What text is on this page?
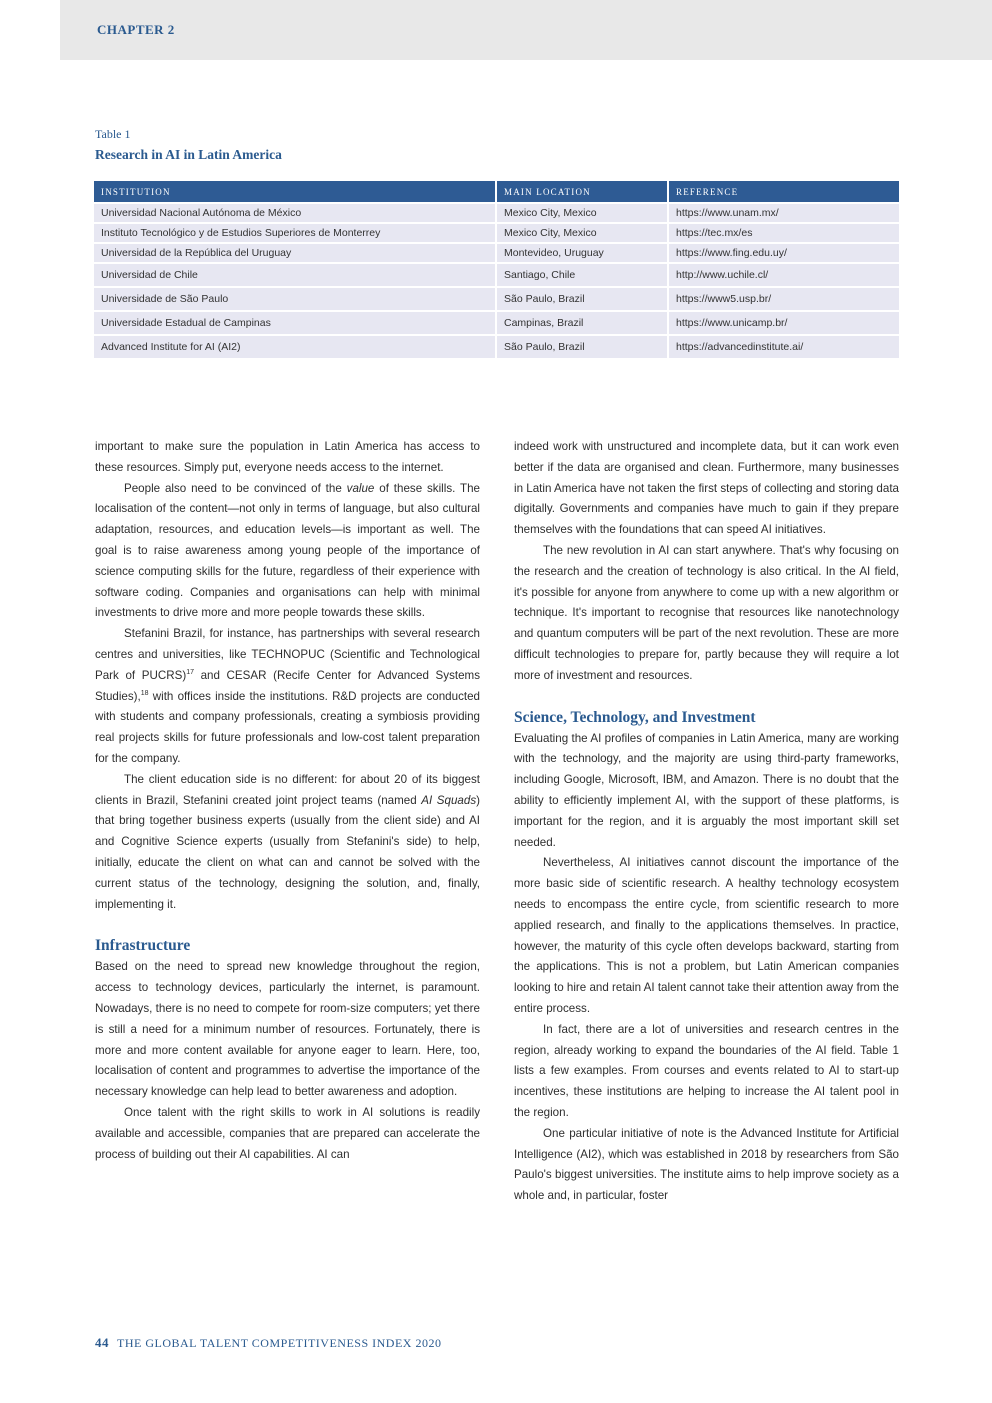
CHAPTER 2
Table 1
Research in AI in Latin America
INSTITUTION	MAIN LOCATION	REFERENCE
Universidad Nacional Autónoma de México	Mexico City, Mexico	https://www.unam.mx/
Instituto Tecnológico y de Estudios Superiores de Monterrey	Mexico City, Mexico	https://tec.mx/es
Universidad de la República del Uruguay	Montevideo, Uruguay	https://www.fing.edu.uy/
Universidad de Chile	Santiago, Chile	http://www.uchile.cl/
Universidade de São Paulo	São Paulo, Brazil	https://www5.usp.br/
Universidade Estadual de Campinas	Campinas, Brazil	https://www.unicamp.br/
Advanced Institute for AI (AI2)	São Paulo, Brazil	https://advancedinstitute.ai/

important to make sure the population in Latin America has access to these resources. Simply put, everyone needs access to the internet.

People also need to be convinced of the value of these skills. The localisation of the content—not only in terms of language, but also cultural adaptation, resources, and education levels—is important as well. The goal is to raise awareness among young people of the importance of science computing skills for the future, regardless of their experience with software coding. Companies and organisations can help with minimal investments to drive more and more people towards these skills.

Stefanini Brazil, for instance, has partnerships with several research centres and universities, like TECHNOPUC (Scientific and Technological Park of PUCRS)$^{17}$ and CESAR (Recife Center for Advanced Systems Studies),$^{18}$ with offices inside the institutions. R&D projects are conducted with students and company professionals, creating a symbiosis providing real projects skills for future professionals and low-cost talent preparation for the company.

The client education side is no different: for about 20 of its biggest clients in Brazil, Stefanini created joint project teams (named AI Squads) that bring together business experts (usually from the client side) and AI and Cognitive Science experts (usually from Stefanini's side) to help, initially, educate the client on what can and cannot be solved with the current status of the technology, designing the solution, and, finally, implementing it.

Infrastructure

Based on the need to spread new knowledge throughout the region, access to technology devices, particularly the internet, is paramount. Nowadays, there is no need to compete for room-size computers; yet there is still a need for a minimum number of resources. Fortunately, there is more and more content available for anyone eager to learn. Here, too, localisation of content and programmes to advertise the importance of the necessary knowledge can help lead to better awareness and adoption.

Once talent with the right skills to work in AI solutions is readily available and accessible, companies that are prepared can accelerate the process of building out their AI capabilities. AI can

indeed work with unstructured and incomplete data, but it can work even better if the data are organised and clean. Furthermore, many businesses in Latin America have not taken the first steps of collecting and storing data digitally. Governments and companies have much to gain if they prepare themselves with the foundations that can speed AI initiatives.

The new revolution in AI can start anywhere. That's why focusing on the research and the creation of technology is also critical. In the AI field, it's possible for anyone from anywhere to come up with a new algorithm or technique. It's important to recognise that resources like nanotechnology and quantum computers will be part of the next revolution. These are more difficult technologies to prepare for, partly because they will require a lot more of investment and resources.

Science, Technology, and Investment

Evaluating the AI profiles of companies in Latin America, many are working with the technology, and the majority are using third-party frameworks, including Google, Microsoft, IBM, and Amazon. There is no doubt that the ability to efficiently implement AI, with the support of these platforms, is important for the region, and it is arguably the most important skill set needed.

Nevertheless, AI initiatives cannot discount the importance of the more basic side of scientific research. A healthy technology ecosystem needs to encompass the entire cycle, from scientific research to more applied research, and finally to the applications themselves. In practice, however, the maturity of this cycle often develops backward, starting from the applications. This is not a problem, but Latin American companies looking to hire and retain AI talent cannot take their attention away from the entire process.

In fact, there are a lot of universities and research centres in the region, already working to expand the boundaries of the AI field. Table 1 lists a few examples. From courses and events related to AI to start-up incentives, these institutions are helping to increase the AI talent pool in the region.

One particular initiative of note is the Advanced Institute for Artificial Intelligence (AI2), which was established in 2018 by researchers from São Paulo's biggest universities. The institute aims to help improve society as a whole and, in particular, foster

44 THE GLOBAL TALENT COMPETITIVENESS INDEX 2020
